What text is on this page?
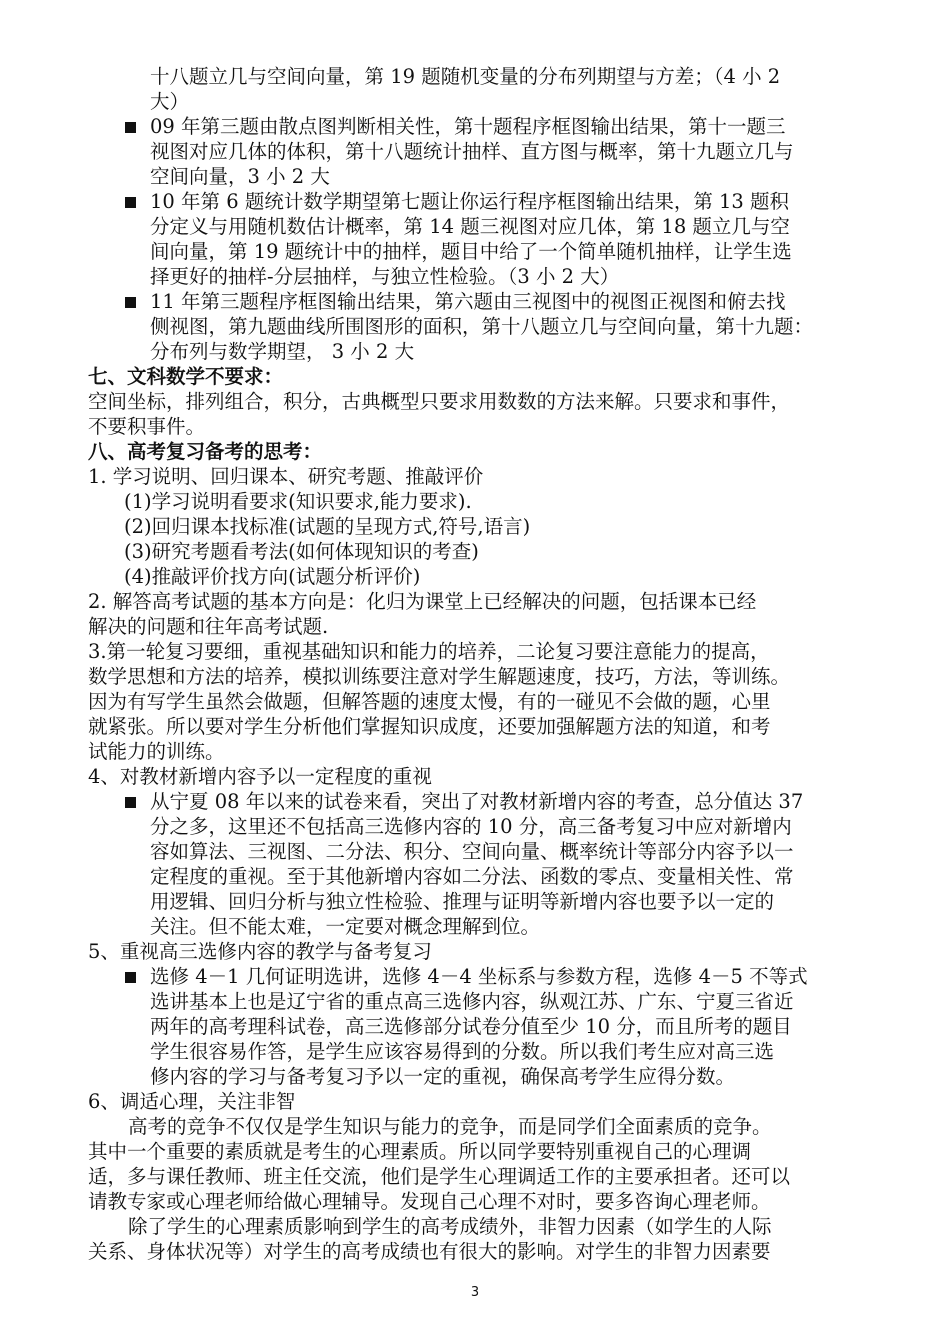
十八题立几与空间向量，第 19 题随机变量的分布列期望与方差；（4 小 2
大）
09 年第三题由散点图判断相关性，第十题程序框图输出结果，第十一题三
视图对应几体的体积，第十八题统计抽样、直方图与概率，第十九题立几与
空间向量，3 小 2 大
10 年第 6 题统计数学期望第七题让你运行程序框图输出结果，第 13 题积
分定义与用随机数估计概率，第 14 题三视图对应几体，第 18 题立几与空
间向量，第 19 题统计中的抽样，题目中给了一个简单随机抽样，让学生选
择更好的抽样-分层抽样，与独立性检验。（3 小 2 大）
11 年第三题程序框图输出结果，第六题由三视图中的视图正视图和俯去找
侧视图，第九题曲线所围图形的面积，第十八题立几与空间向量，第十九题：
分布列与数学期望， 3 小 2 大
七、文科数学不要求：
空间坐标，排列组合，积分，古典概型只要求用数数的方法来解。只要求和事件，
不要积事件。
八、高考复习备考的思考：
1. 学习说明、回归课本、研究考题、推敲评价
(1)学习说明看要求(知识要求,能力要求).
(2)回归课本找标准(试题的呈现方式,符号,语言)
(3)研究考题看考法(如何体现知识的考查)
(4)推敲评价找方向(试题分析评价)
2. 解答高考试题的基本方向是：化归为课堂上已经解决的问题，包括课本已经
解决的问题和往年高考试题.
3.第一轮复习要细，重视基础知识和能力的培养，二论复习要注意能力的提高，
数学思想和方法的培养，模拟训练要注意对学生解题速度，技巧，方法，等训练。
因为有写学生虽然会做题，但解答题的速度太慢，有的一碰见不会做的题，心里
就紧张。所以要对学生分析他们掌握知识成度，还要加强解题方法的知道，和考
试能力的训练。
4、对教材新增内容予以一定程度的重视
从宁夏 08 年以来的试卷来看，突出了对教材新增内容的考查，总分值达 37
分之多，这里还不包括高三选修内容的 10 分，高三备考复习中应对新增内
容如算法、三视图、二分法、积分、空间向量、概率统计等部分内容予以一
定程度的重视。至于其他新增内容如二分法、函数的零点、变量相关性、常
用逻辑、回归分析与独立性检验、推理与证明等新增内容也要予以一定的
关注。但不能太难，一定要对概念理解到位。
5、重视高三选修内容的教学与备考复习
选修 4－1 几何证明选讲，选修 4－4 坐标系与参数方程，选修 4－5 不等式
选讲基本上也是辽宁省的重点高三选修内容，纵观江苏、广东、宁夏三省近
两年的高考理科试卷，高三选修部分试卷分值至少 10 分，而且所考的题目
学生很容易作答，是学生应该容易得到的分数。所以我们考生应对高三选
修内容的学习与备考复习予以一定的重视，确保高考学生应得分数。
6、调适心理，关注非智
高考的竞争不仅仅是学生知识与能力的竞争，而是同学们全面素质的竞争。
其中一个重要的素质就是考生的心理素质。所以同学要特别重视自己的心理调
适，多与课任教师、班主任交流，他们是学生心理调适工作的主要承担者。还可以
请教专家或心理老师给做心理辅导。发现自己心理不对时，要多咨询心理老师。
除了学生的心理素质影响到学生的高考成绩外，非智力因素（如学生的人际
关系、身体状况等）对学生的高考成绩也有很大的影响。对学生的非智力因素要
3
